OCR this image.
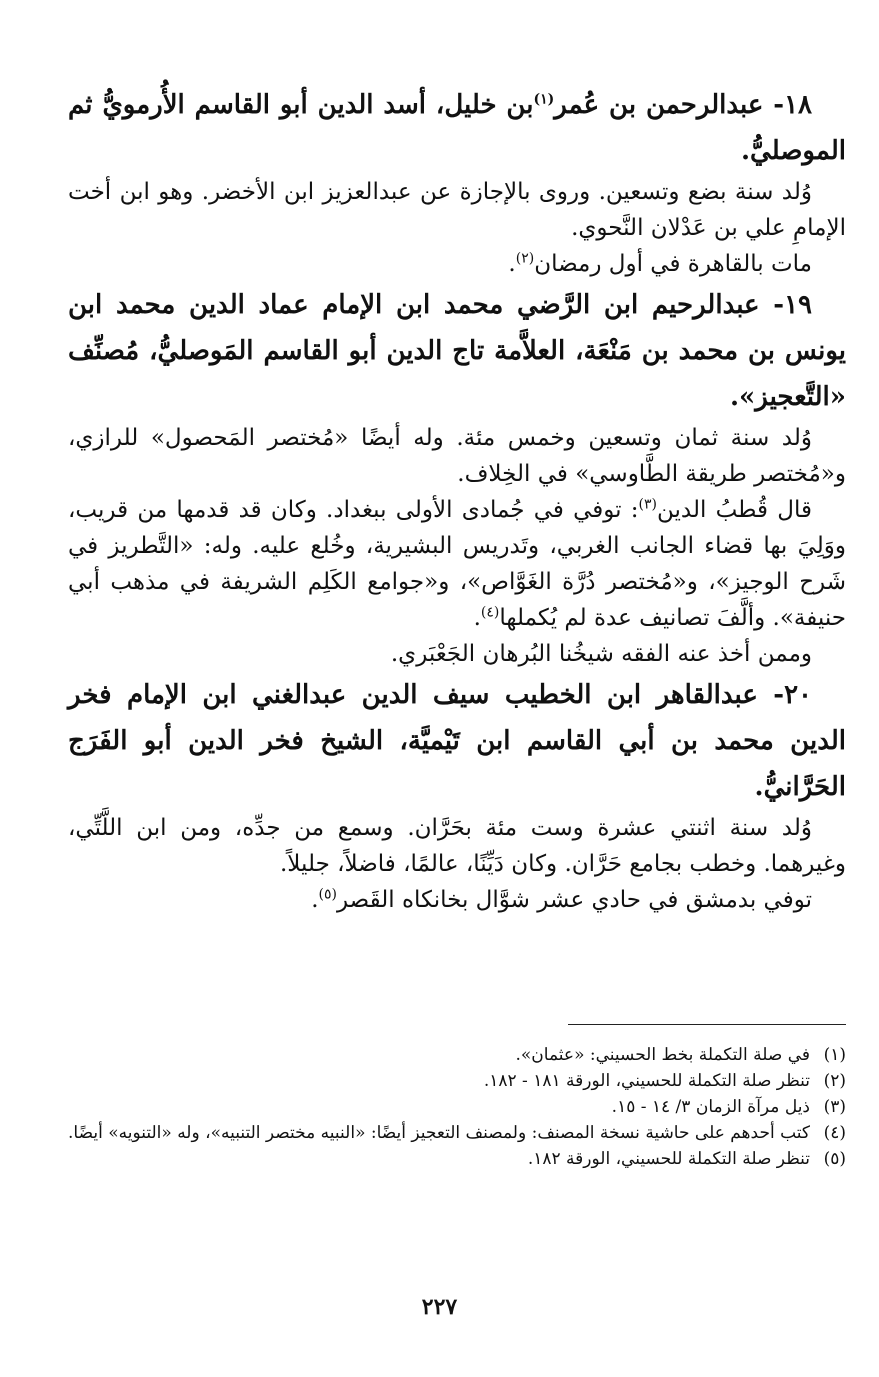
١٨- عبدالرحمن بن عُمر$^{(١)}$بن خليل، أسد الدين أبو القاسم الأُرمويُّ ثم الموصليُّ.

وُلد سنة بضع وتسعين. وروى بالإجازة عن عبدالعزيز ابن الأخضر. وهو ابن أخت الإمامِ علي بن عَدْلان النَّحوي.

مات بالقاهرة في أول رمضان$^{(٢)}$.

١٩- عبدالرحيم ابن الرَّضي محمد ابن الإمام عماد الدين محمد ابن يونس بن محمد بن مَنْعَة، العلاَّمة تاج الدين أبو القاسم المَوصليُّ، مُصنِّف «التَّعجيز».

وُلد سنة ثمان وتسعين وخمس مئة. وله أيضًا «مُختصر المَحصول» للرازي، و«مُختصر طريقة الطَّاوسي» في الخِلاف.

قال قُطبُ الدين$^{(٣)}$: توفي في جُمادى الأولى ببغداد. وكان قد قدمها من قريب، ووَلِيَ بها قضاء الجانب الغربي، وتَدريس البشيرية، وخُلع عليه. وله: «التَّطريز في شَرح الوجيز»، و«مُختصر دُرَّة الغَوَّاص»، و«جوامع الكَلِم الشريفة في مذهب أبي حنيفة». وألَّفَ تصانيف عدة لم يُكملها$^{(٤)}$.

وممن أخذ عنه الفقه شيخُنا البُرهان الجَعْبَري.

٢٠- عبدالقاهر ابن الخطيب سيف الدين عبدالغني ابن الإمام فخر الدين محمد بن أبي القاسم ابن تَيْميَّة، الشيخ فخر الدين أبو الفَرَج الحَرَّانيُّ.

وُلد سنة اثنتي عشرة وست مئة بحَرَّان. وسمع من جدِّه، ومن ابن اللَّتِّي، وغيرهما. وخطب بجامع حَرَّان. وكان دَيِّنًا، عالمًا، فاضلاً، جليلاً.

توفي بدمشق في حادي عشر شوَّال بخانكاه القَصر$^{(٥)}$.

(١)
في صلة التكملة بخط الحسيني: «عثمان».

(٢)
تنظر صلة التكملة للحسيني، الورقة ١٨١ - ١٨٢.

(٣)
ذيل مرآة الزمان ٣/ ١٤ - ١٥.

(٤)
كتب أحدهم على حاشية نسخة المصنف: ولمصنف التعجيز أيضًا: «النبيه مختصر التنبيه»، وله «التنويه» أيضًا.

(٥)
تنظر صلة التكملة للحسيني، الورقة ١٨٢.

٢٢٧
